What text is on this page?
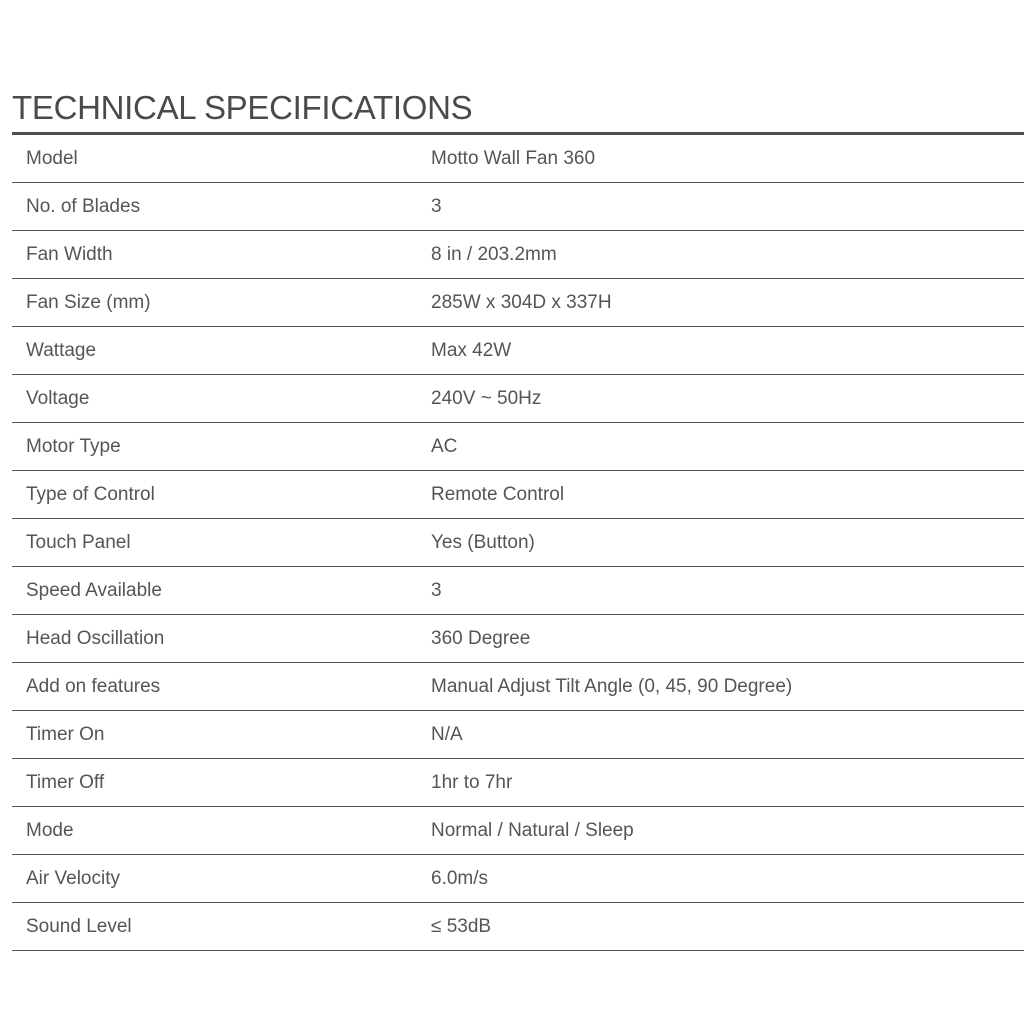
TECHNICAL SPECIFICATIONS
Model	Motto Wall Fan 360
No. of Blades	3
Fan Width	8 in / 203.2mm
Fan Size (mm)	285W x 304D x 337H
Wattage	Max 42W
Voltage	240V ~ 50Hz
Motor Type	AC
Type of Control	Remote Control
Touch Panel	Yes (Button)
Speed Available	3
Head Oscillation	360 Degree
Add on features	Manual Adjust Tilt Angle (0, 45, 90 Degree)
Timer On	N/A
Timer Off	1hr to 7hr
Mode	Normal / Natural / Sleep
Air Velocity	6.0m/s
Sound Level	≤ 53dB
